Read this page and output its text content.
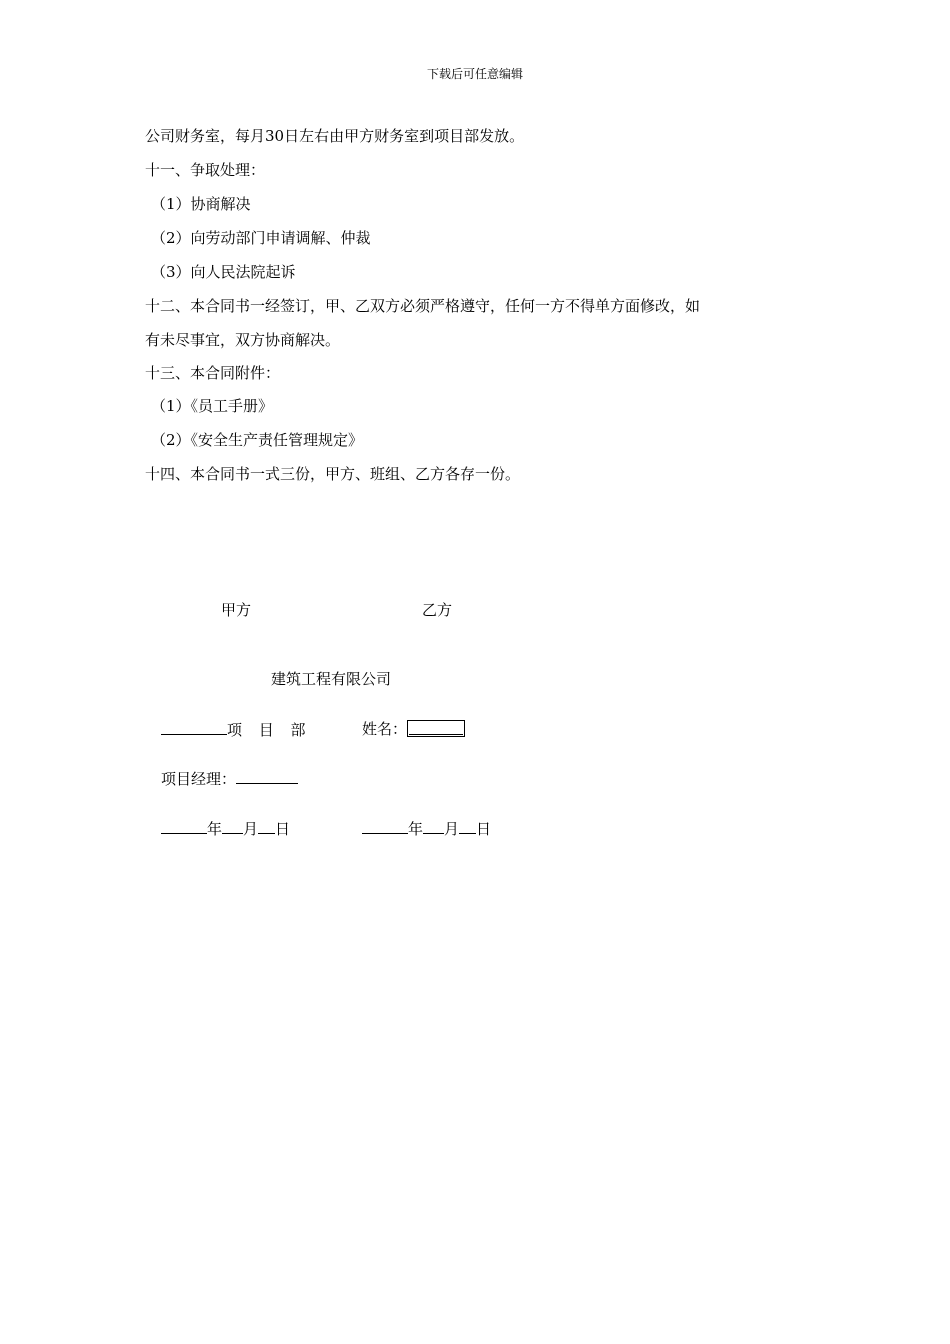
下载后可任意编辑
公司财务室，每月30日左右由甲方财务室到项目部发放。
十一、争取处理：
（1）协商解决
（2）向劳动部门申请调解、仲裁
（3）向人民法院起诉
十二、本合同书一经签订，甲、乙双方必须严格遵守，任何一方不得单方面修改，如
有未尽事宜，双方协商解决。
十三、本合同附件：
（1）《员工手册》
（2）《安全生产责任管理规定》
十四、本合同书一式三份，甲方、班组、乙方各存一份。
甲方	乙方
建筑工程有限公司
项 目 部	姓名：
项目经理：
年 月 日	年 月 日
